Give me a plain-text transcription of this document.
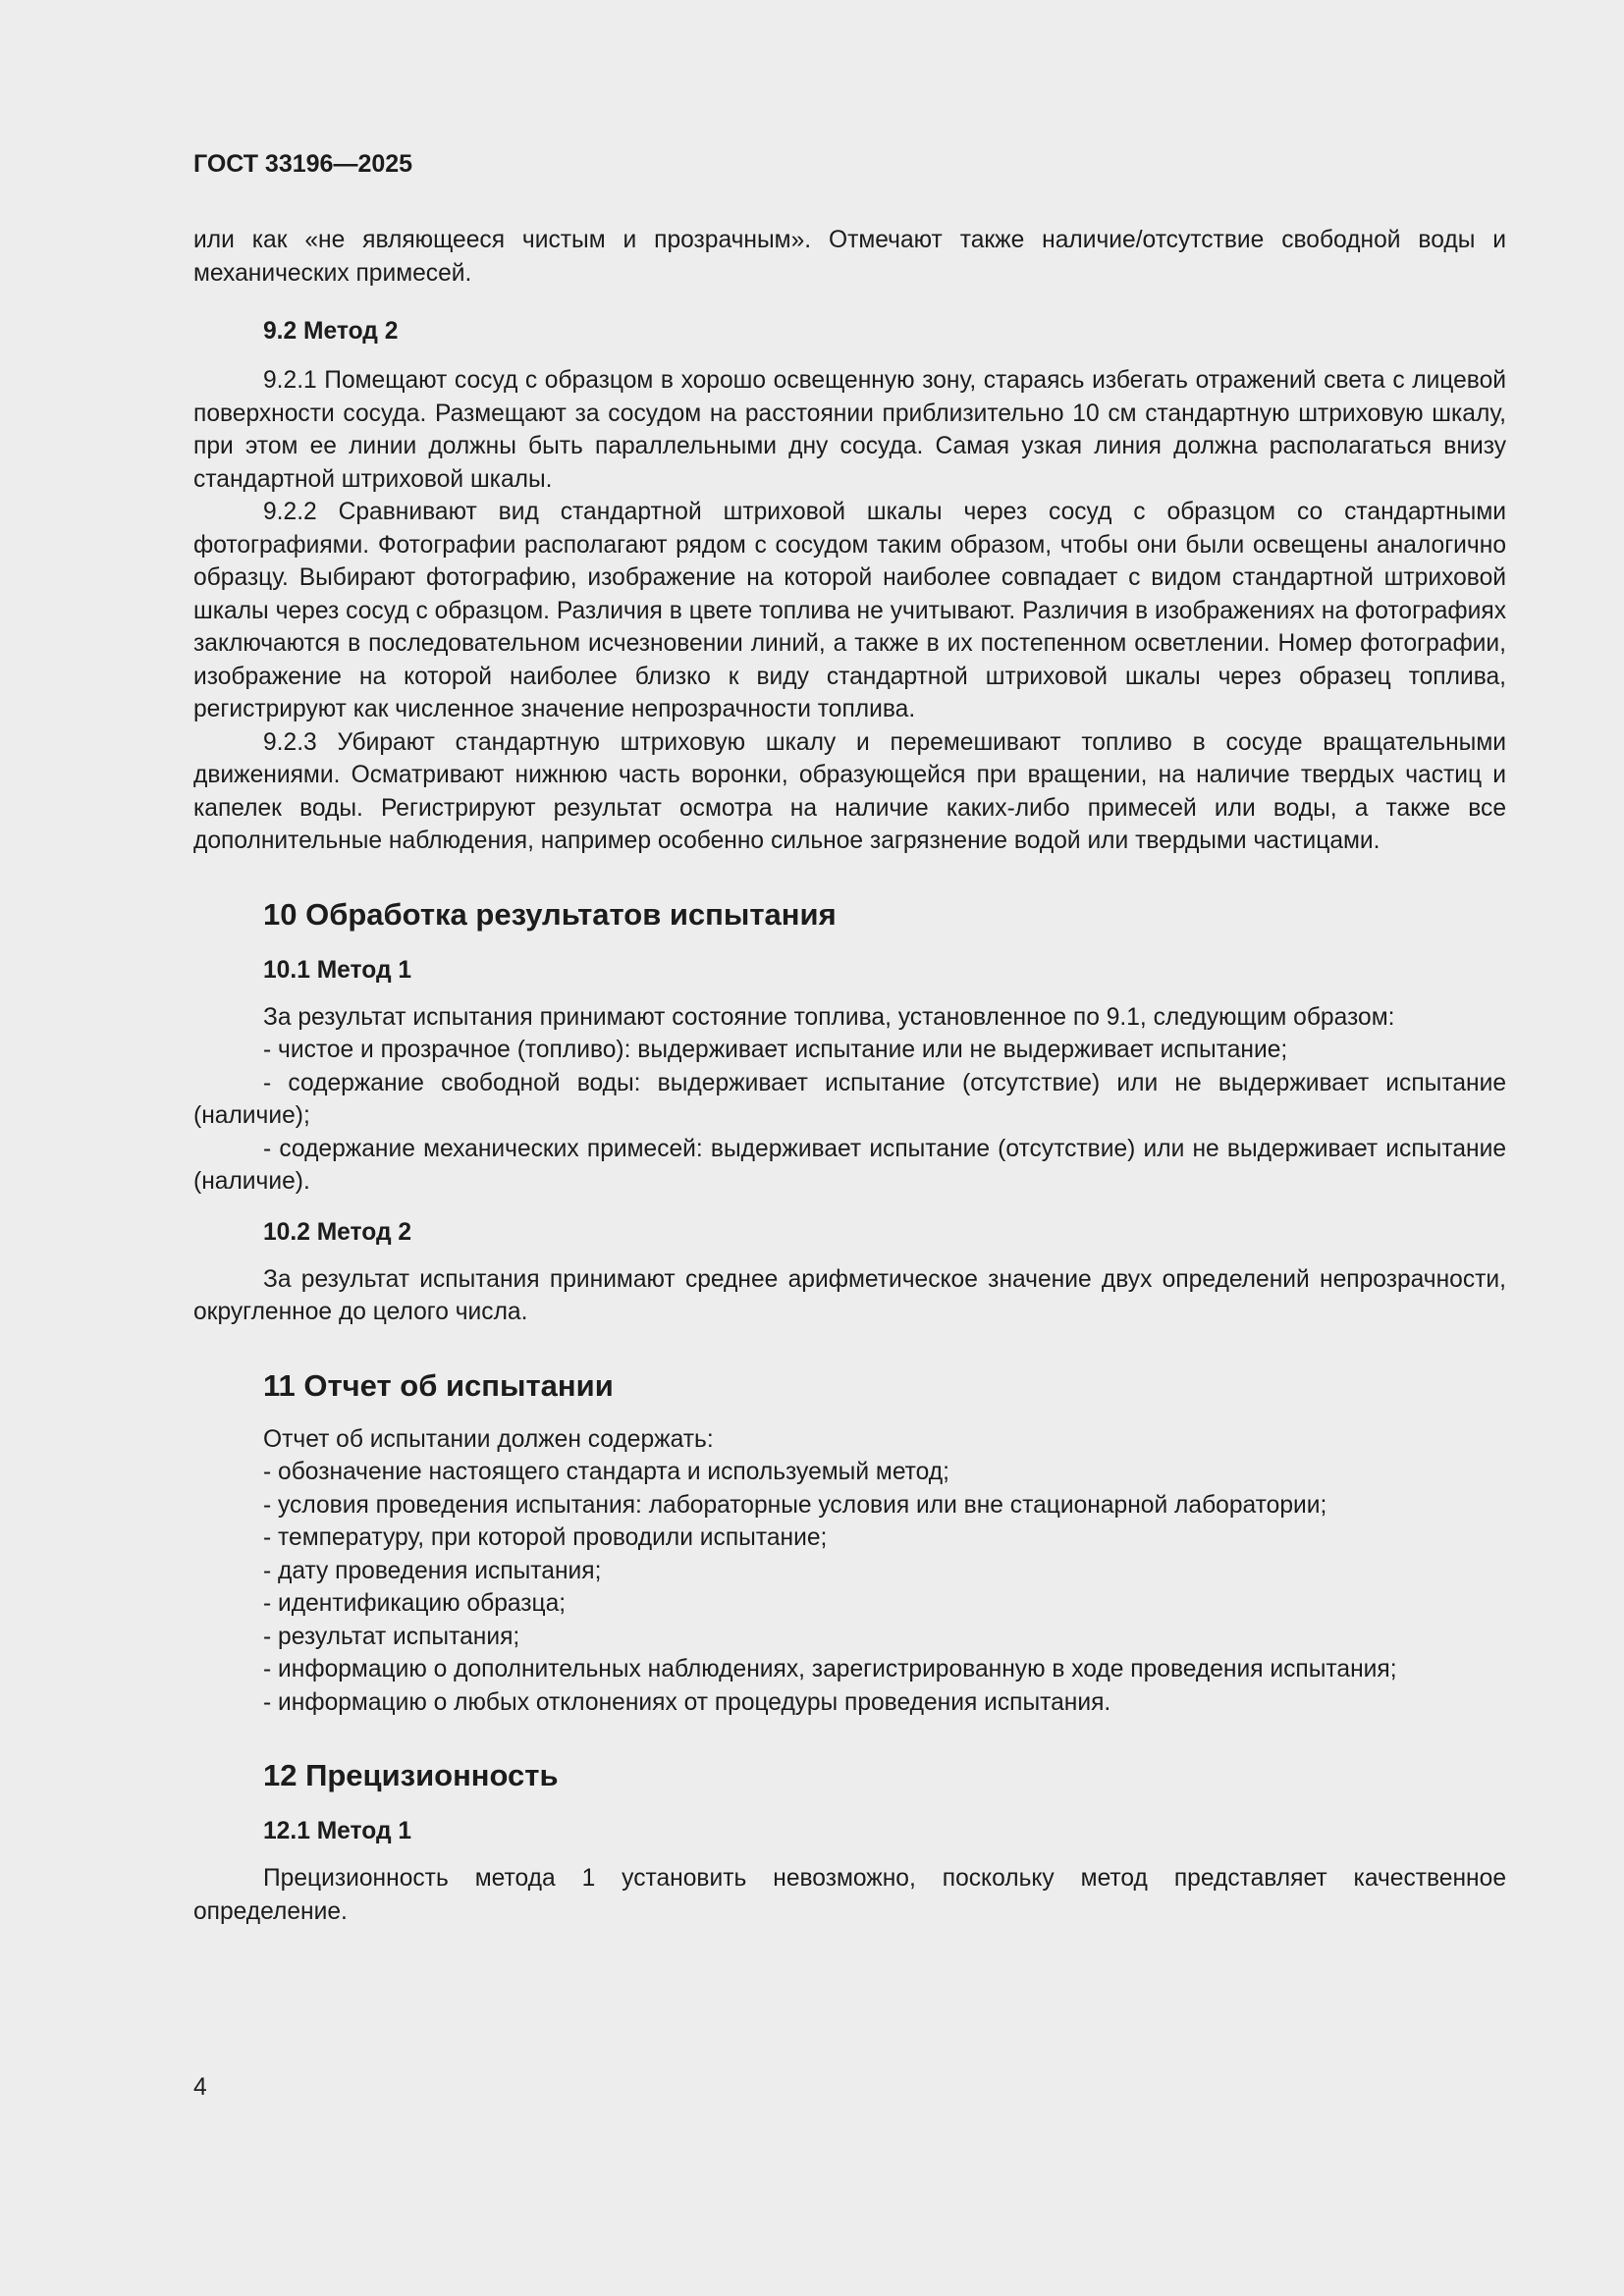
ГОСТ 33196—2025

или как «не являющееся чистым и прозрачным». Отмечают также наличие/отсутствие свободной воды и механических примесей.

9.2 Метод 2

9.2.1 Помещают сосуд с образцом в хорошо освещенную зону, стараясь избегать отражений света с лицевой поверхности сосуда. Размещают за сосудом на расстоянии приблизительно 10 см стандартную штриховую шкалу, при этом ее линии должны быть параллельными дну сосуда. Самая узкая линия должна располагаться внизу стандартной штриховой шкалы.

9.2.2 Сравнивают вид стандартной штриховой шкалы через сосуд с образцом со стандартными фотографиями. Фотографии располагают рядом с сосудом таким образом, чтобы они были освещены аналогично образцу. Выбирают фотографию, изображение на которой наиболее совпадает с видом стандартной штриховой шкалы через сосуд с образцом. Различия в цвете топлива не учитывают. Различия в изображениях на фотографиях заключаются в последовательном исчезновении линий, а также в их постепенном осветлении. Номер фотографии, изображение на которой наиболее близко к виду стандартной штриховой шкалы через образец топлива, регистрируют как численное значение непрозрачности топлива.

9.2.3 Убирают стандартную штриховую шкалу и перемешивают топливо в сосуде вращательными движениями. Осматривают нижнюю часть воронки, образующейся при вращении, на наличие твердых частиц и капелек воды. Регистрируют результат осмотра на наличие каких-либо примесей или воды, а также все дополнительные наблюдения, например особенно сильное загрязнение водой или твердыми частицами.

10 Обработка результатов испытания
10.1 Метод 1

За результат испытания принимают состояние топлива, установленное по 9.1, следующим образом:

- чистое и прозрачное (топливо): выдерживает испытание или не выдерживает испытание;

- содержание свободной воды: выдерживает испытание (отсутствие) или не выдерживает испытание (наличие);

- содержание механических примесей: выдерживает испытание (отсутствие) или не выдерживает испытание (наличие).

10.2 Метод 2

За результат испытания принимают среднее арифметическое значение двух определений непрозрачности, округленное до целого числа.

11 Отчет об испытании

Отчет об испытании должен содержать:

- обозначение настоящего стандарта и используемый метод;

- условия проведения испытания: лабораторные условия или вне стационарной лаборатории;

- температуру, при которой проводили испытание;

- дату проведения испытания;

- идентификацию образца;

- результат испытания;

- информацию о дополнительных наблюдениях, зарегистрированную в ходе проведения испытания;

- информацию о любых отклонениях от процедуры проведения испытания.

12 Прецизионность
12.1 Метод 1

Прецизионность метода 1 установить невозможно, поскольку метод представляет качественное определение.

4
